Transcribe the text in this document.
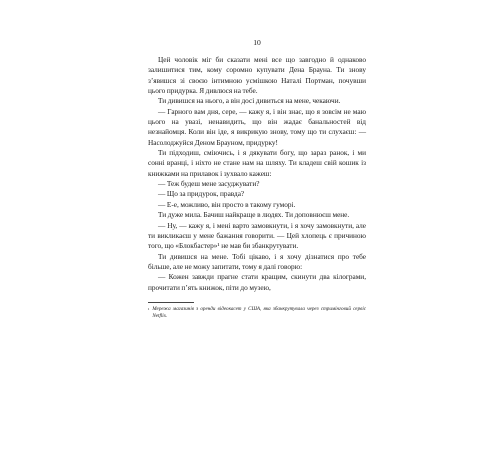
10

Цей чоловік міг би сказати мені все що завгодно й однаково залишитися тим, кому соромно купувати Дена Брауна. Ти знову з’явишся зі своєю інтимною усмішкою Наталі Портман, почувши цього придурка. Я дивлюся на тебе.

Ти дивишся на нього, а він досі дивиться на мене, чекаючи.

— Гарного вам дня, сере, — кажу я, і він знає, що я зовсім не маю цього на увазі, ненавидить, що він жадає банальностей від незнайомця. Коли він іде, я викрикую знову, тому що ти слухаєш: — Насолоджуйся Деном Брауном, придурку!

Ти підходиш, сміючись, і я дякувати богу, що зараз ранок, і ми сонні вранці, і ніхто не стане нам на шляху. Ти кладеш свій кошик із книжками на прилавок і зухвало кажеш:

— Теж будеш мене засуджувати?

— Що за придурок, правда?

— Е-е, можливо, він просто в такому гуморі.

Ти дуже мила. Бачиш найкраще в людях. Ти доповнюєш мене.

— Ну, — кажу я, і мені варто замовкнути, і я хочу замовкнути, але ти викликаєш у мене бажання говорити. — Цей хлопець є причиною того, що «Блокбастер»¹ не мав би збанкрутувати.

Ти дивишся на мене. Тобі цікаво, і я хочу дізнатися про тебе більше, але не можу запитати, тому я далі говорю:

— Кожен завжди прагне стати кращим, скинути два кілограми, прочитати п’ять книжок, піти до музею,

¹ Мережа магазинів з оренди відеокасет у США, яка збанкрутувала через стримінговий сервіс Netflix.
